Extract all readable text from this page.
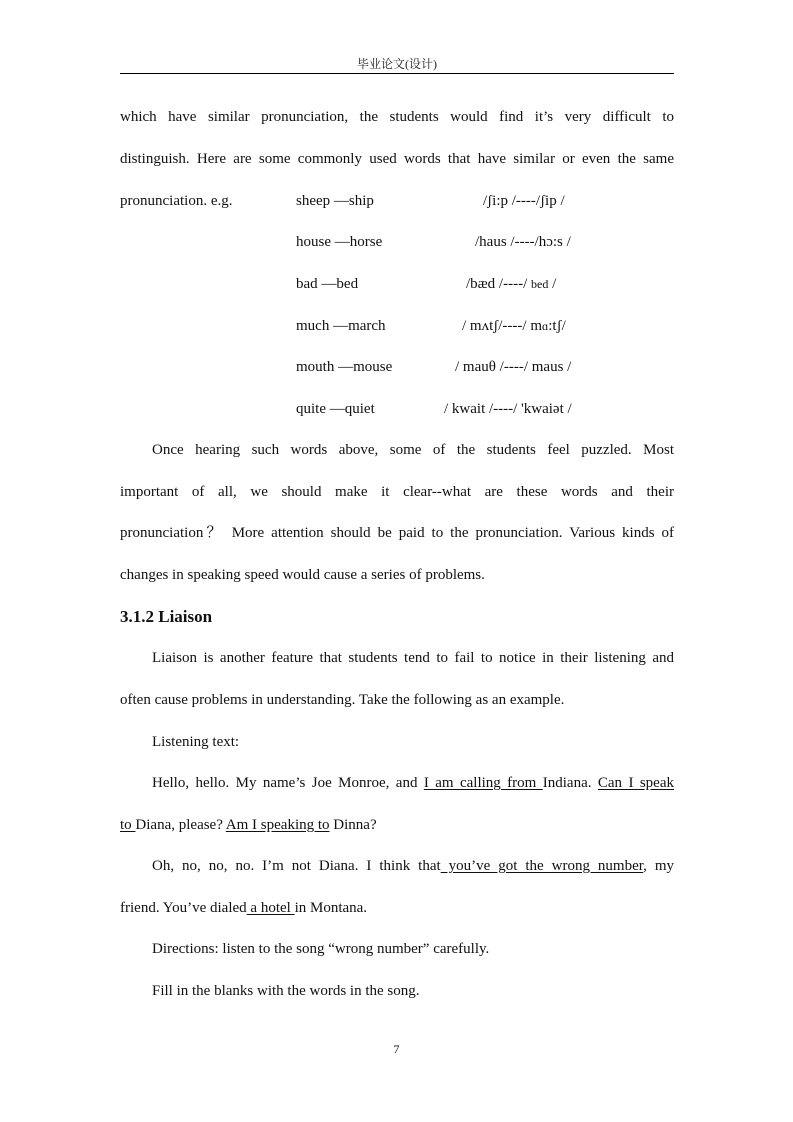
毕业论文(设计)
which have similar pronunciation, the students would find it’s very difficult to
distinguish. Here are some commonly used words that have similar or even the same
pronunciation. e.g.	sheep —ship	/ʃi:p /----/ʃip /
house —horse	/haus /----/hɔ:s /
bad —bed	/bæd /----/ bed /
much —march	/ mʌtʃ/----/ mɑ:tʃ/
mouth —mouse	/ mauθ /----/ maus /
quite —quiet	/ kwait /----/ 'kwaiət /
Once hearing such words above, some of the students feel puzzled. Most
important of all, we should make it clear--what are these words and their
pronunciation？ More attention should be paid to the pronunciation. Various kinds of
changes in speaking speed would cause a series of problems.
3.1.2 Liaison
Liaison is another feature that students tend to fail to notice in their listening and
often cause problems in understanding. Take the following as an example.
Listening text:
Hello, hello. My name’s Joe Monroe, and I am calling from Indiana. Can I speak
to Diana, please? Am I speaking to Dinna?
Oh, no, no, no. I’m not Diana. I think that you’ve got the wrong number, my
friend. You’ve dialed a hotel in Montana.
Directions: listen to the song “wrong number” carefully.
Fill in the blanks with the words in the song.
7
